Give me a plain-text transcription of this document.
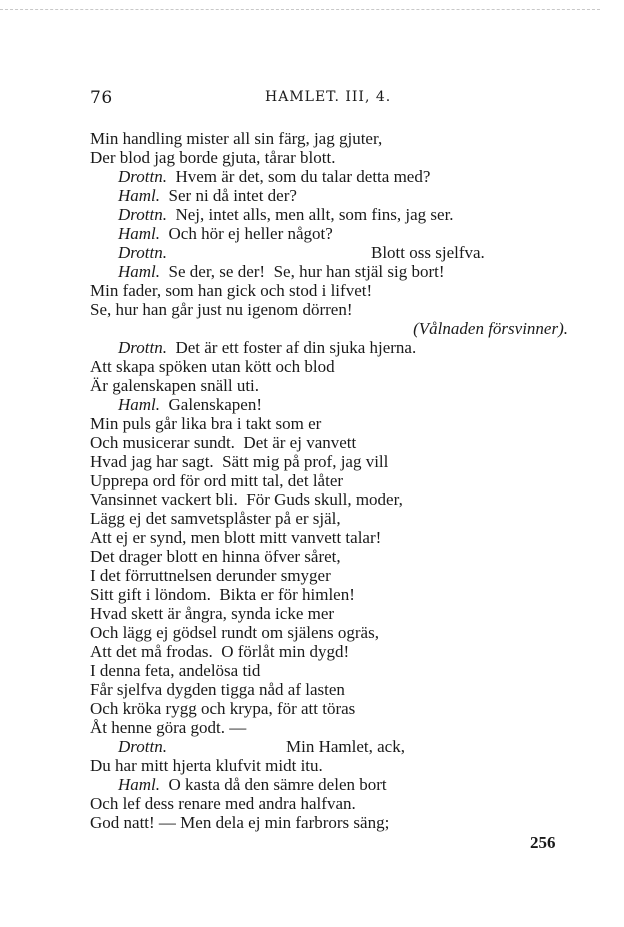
76	HAMLET. III, 4.
Min handling mister all sin färg, jag gjuter,
Der blod jag borde gjuta, tårar blott.
Drottn. Hvem är det, som du talar detta med?
Haml. Ser ni då intet der?
Drottn. Nej, intet alls, men allt, som fins, jag ser.
Haml. Och hör ej heller något?
Drottn.	Blott oss sjelfva.
Haml. Se der, se der!  Se, hur han stjäl sig bort!
Min fader, som han gick och stod i lifvet!
Se, hur han går just nu igenom dörren!
(Vålnaden försvinner).
Drottn. Det är ett foster af din sjuka hjerna.
Att skapa spöken utan kött och blod
Är galenskapen snäll uti.
Haml. Galenskapen!
Min puls går lika bra i takt som er
Och musicerar sundt.  Det är ej vanvett
Hvad jag har sagt.  Sätt mig på prof, jag vill
Upprepa ord för ord mitt tal, det låter
Vansinnet vackert bli.  För Guds skull, moder,
Lägg ej det samvetsplåster på er själ,
Att ej er synd, men blott mitt vanvett talar!
Det drager blott en hinna öfver såret,
I det förruttnelsen derunder smyger
Sitt gift i löndom.  Bikta er för himlen!
Hvad skett är ångra, synda icke mer
Och lägg ej gödsel rundt om själens ogräs,
Att det må frodas.  O förlåt min dygd!
I denna feta, andelösa tid
Får sjelfva dygden tigga nåd af lasten
Och kröka rygg och krypa, för att töras
Åt henne göra godt. —
Drottn.	Min Hamlet, ack,
Du har mitt hjerta klufvit midt itu.
Haml. O kasta då den sämre delen bort
Och lef dess renare med andra halfvan.
God natt! — Men dela ej min farbrors säng;
256
